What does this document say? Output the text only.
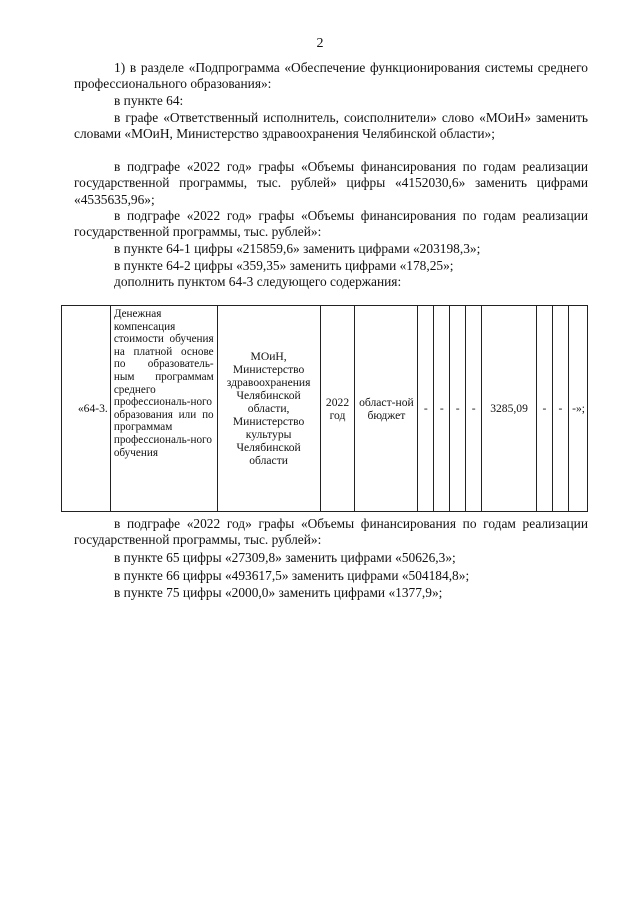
2

1) в разделе «Подпрограмма «Обеспечение функционирования системы среднего профессионального образования»:

в пункте 64:

в графе «Ответственный исполнитель, соисполнители» слово «МОиН» заменить словами «МОиН, Министерство здравоохранения Челябинской области»;

в подграфе «2022 год» графы «Объемы финансирования по годам реализации государственной программы, тыс. рублей» цифры «4152030,6» заменить цифрами «4535635,96»;

в подграфе «2022 год» графы «Объемы финансирования по годам реализации государственной программы, тыс. рублей»:

в пункте 64-1 цифры «215859,6» заменить цифрами «203198,3»;

в пункте 64-2 цифры «359,35» заменить цифрами «178,25»;

дополнить пунктом 64-3 следующего содержания:

«64-3.	Денежная компенсация стоимости обучения на платной основе по образователь-ным программам среднего профессиональ-ного образования или по программам профессиональ-ного обучения	МОиН, Министерство здравоохранения Челябинской области, Министерство культуры Челябинской области	2022 год	област-ной бюджет	-	-	-	-	3285,09	-	-	-»;

в подграфе «2022 год» графы «Объемы финансирования по годам реализации государственной программы, тыс. рублей»:

в пункте 65 цифры «27309,8» заменить цифрами «50626,3»;

в пункте 66 цифры «493617,5» заменить цифрами «504184,8»;

в пункте 75 цифры «2000,0» заменить цифрами «1377,9»;
